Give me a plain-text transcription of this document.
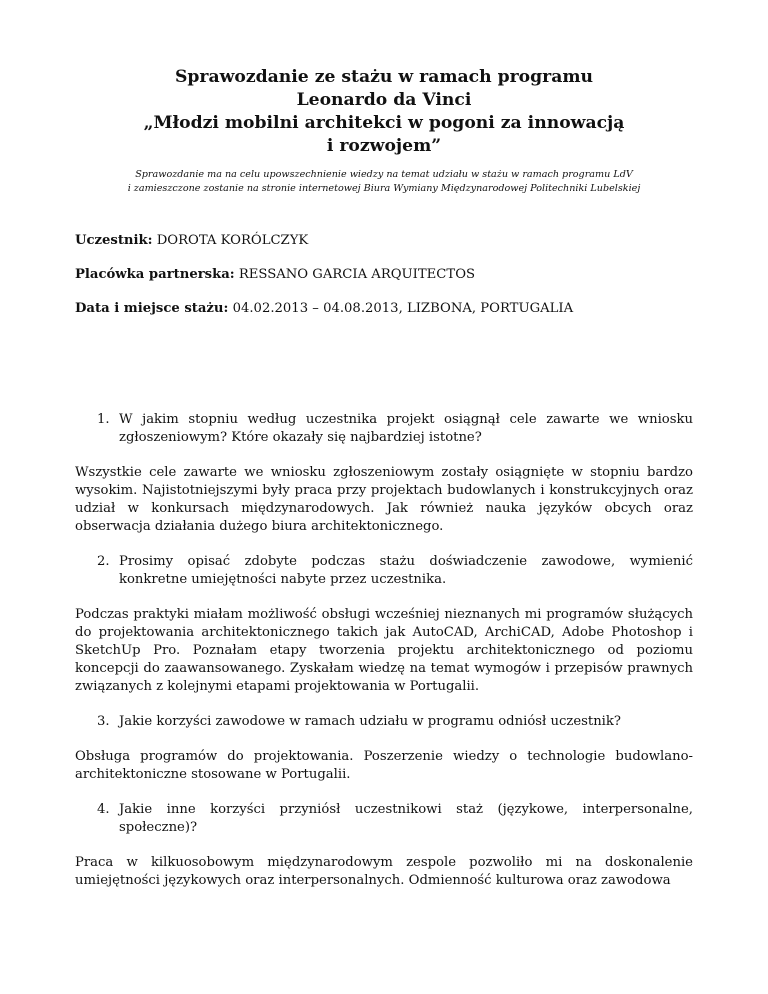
Sprawozdanie ze stażu w ramach programu

Leonardo da Vinci

„Młodzi mobilni architekci w pogoni za innowacją

i rozwojem”

Sprawozdanie ma na celu upowszechnienie wiedzy na temat udziału w stażu w ramach programu LdV

i zamieszczone zostanie na stronie internetowej Biura Wymiany Międzynarodowej Politechniki Lubelskiej

Uczestnik: DOROTA KORÓLCZYK

Placówka partnerska: RESSANO GARCIA ARQUITECTOS

Data i miejsce stażu: 04.02.2013 – 04.08.2013, LIZBONA, PORTUGALIA

1. W jakim stopniu według uczestnika projekt osiągnął cele zawarte we wniosku zgłoszeniowym? Które okazały się najbardziej istotne?

Wszystkie cele zawarte we wniosku zgłoszeniowym zostały osiągnięte w stopniu bardzo wysokim. Najistotniejszymi były praca przy projektach budowlanych i konstrukcyjnych oraz udział w konkursach międzynarodowych. Jak również nauka języków obcych oraz obserwacja działania dużego biura architektonicznego.

2. Prosimy opisać zdobyte podczas stażu doświadczenie zawodowe, wymienić konkretne umiejętności nabyte przez uczestnika.

Podczas praktyki miałam możliwość obsługi wcześniej nieznanych mi programów służących do projektowania architektonicznego takich jak AutoCAD, ArchiCAD, Adobe Photoshop i SketchUp Pro. Poznałam etapy tworzenia projektu architektonicznego od poziomu koncepcji do zaawansowanego. Zyskałam wiedzę na temat wymogów i przepisów prawnych związanych z kolejnymi etapami projektowania w Portugalii.

3. Jakie korzyści zawodowe w ramach udziału w programu odniósł uczestnik?

Obsługa programów do projektowania. Poszerzenie wiedzy o technologie budowlano-architektoniczne stosowane w Portugalii.

4. Jakie inne korzyści przyniósł uczestnikowi staż (językowe, interpersonalne, społeczne)?

Praca w kilkuosobowym międzynarodowym zespole pozwoliło mi na doskonalenie umiejętności językowych oraz interpersonalnych. Odmienność kulturowa oraz zawodowa
